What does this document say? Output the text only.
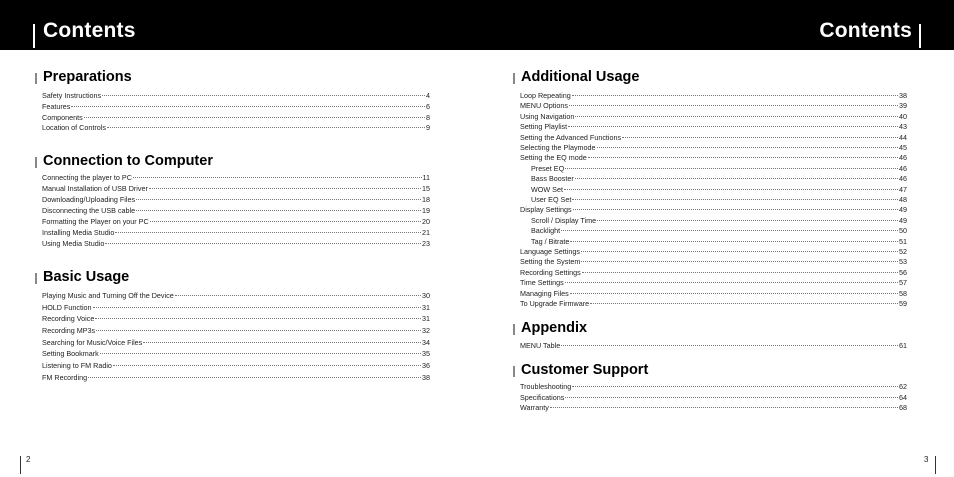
Contents
Preparations
Safety Instructions	4
Features	6
Components	8
Location of Controls	9
Connection to Computer
Connecting the player to PC	11
Manual Installation of USB Driver	15
Downloading/Uploading Files	18
Disconnecting the USB cable	19
Formatting the Player on your PC	20
Installing Media Studio	21
Using Media Studio	23
Basic Usage
Playing Music and Turning Off the Device	30
HOLD Function	31
Recording Voice	31
Recording MP3s	32
Searching for Music/Voice Files	34
Setting Bookmark	35
Listening to FM Radio	36
FM Recording	38
2
Contents
Additional Usage
Loop Repeating	38
MENU Options	39
Using Navigation	40
Setting Playlist	43
Setting the Advanced Functions	44
Selecting the Playmode	45
Setting the EQ mode	46
Preset EQ	46
Bass Booster	46
WOW Set	47
User EQ Set	48
Display Settings	49
Scroll / Display Time	49
Backlight	50
Tag / Bitrate	51
Language Settings	52
Setting the System	53
Recording Settings	56
Time Settings	57
Managing Files	58
To Upgrade Firmware	59
Appendix
MENU Table	61
Customer Support
Troubleshooting	62
Specifications	64
Warranty	68
3
